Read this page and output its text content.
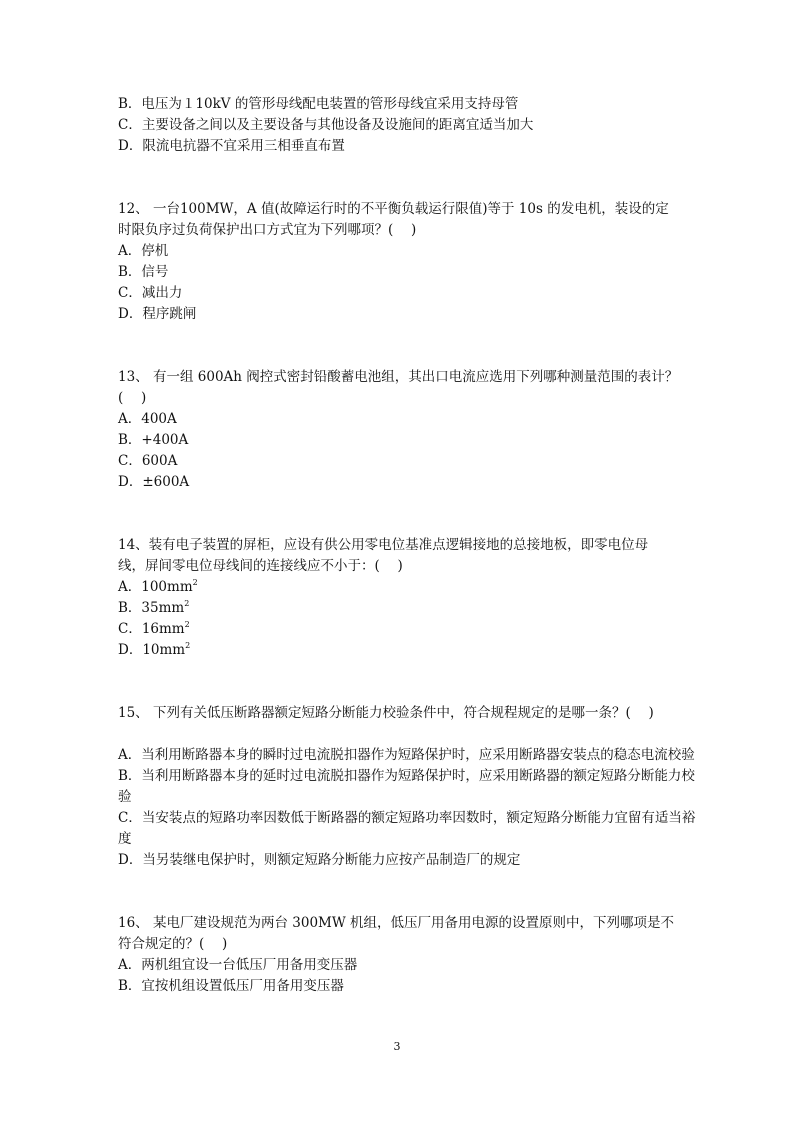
B．电压为１10kV 的管形母线配电装置的管形母线宜采用支持母管
C．主要设备之间以及主要设备与其他设备及设施间的距离宜适当加大
D．限流电抗器不宜采用三相垂直布置
12、 一台100MW，A 值(故障运行时的不平衡负载运行限值)等于 10s 的发电机，装设的定
时限负序过负荷保护出口方式宜为下列哪项？(　 )
A．停机
B．信号
C．减出力
D．程序跳闸
13、 有一组 600Ah 阀控式密封铅酸蓄电池组，其出口电流应选用下列哪种测量范围的表计？
(　 )
A．400A
B．+400A
C．600A
D．±600A
14、装有电子装置的屏柜，应设有供公用零电位基准点逻辑接地的总接地板，即零电位母
线，屏间零电位母线间的连接线应不小于：(　 )
A．$100mm^2$
B．$35mm^2$
C．$16mm^2$
D．$10mm^2$
15、 下列有关低压断路器额定短路分断能力校验条件中，符合规程规定的是哪一条？(　 )
A．当利用断路器本身的瞬时过电流脱扣器作为短路保护时，应采用断路器安装点的稳态电流校验
B．当利用断路器本身的延时过电流脱扣器作为短路保护时，应采用断路器的额定短路分断能力校验
C．当安装点的短路功率因数低于断路器的额定短路功率因数时，额定短路分断能力宜留有适当裕度
D．当另装继电保护时，则额定短路分断能力应按产品制造厂的规定
16、 某电厂建设规范为两台 300MW 机组，低压厂用备用电源的设置原则中，下列哪项是不
符合规定的？(　 )
A．两机组宜设一台低压厂用备用变压器
B．宜按机组设置低压厂用备用变压器
3
